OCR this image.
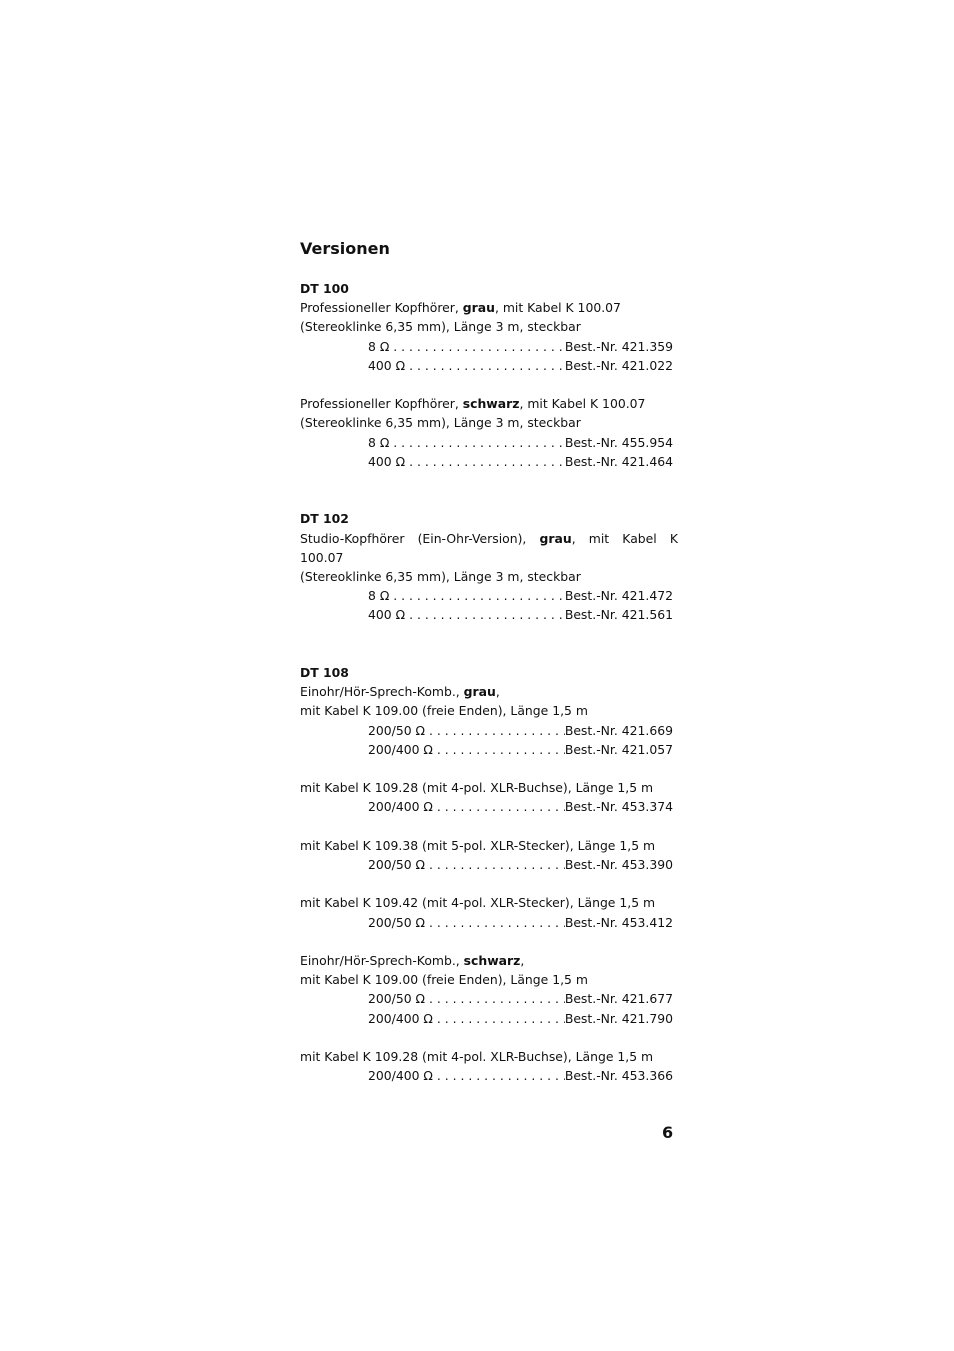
Versionen
DT 100
Professioneller Kopfhörer, grau, mit Kabel K 100.07
(Stereoklinke 6,35 mm), Länge 3 m, steckbar
8 Ω . . .	Best.-Nr. 421.359
400 Ω . . .	Best.-Nr. 421.022
Professioneller Kopfhörer, schwarz, mit Kabel K 100.07
(Stereoklinke 6,35 mm), Länge 3 m, steckbar
8 Ω . . .	Best.-Nr. 455.954
400 Ω . . .	Best.-Nr. 421.464
DT 102
Studio-Kopfhörer (Ein-Ohr-Version), grau, mit Kabel K 100.07
(Stereoklinke 6,35 mm), Länge 3 m, steckbar
8 Ω . . .	Best.-Nr. 421.472
400 Ω . . .	Best.-Nr. 421.561
DT 108
Einohr/Hör-Sprech-Komb., grau,
mit Kabel K 109.00 (freie Enden), Länge 1,5 m
200/50 Ω . . .	Best.-Nr. 421.669
200/400 Ω . . .	Best.-Nr. 421.057
mit Kabel K 109.28 (mit 4-pol. XLR-Buchse), Länge 1,5 m
200/400 Ω . . .	Best.-Nr. 453.374
mit Kabel K 109.38 (mit 5-pol. XLR-Stecker), Länge 1,5 m
200/50 Ω . . .	Best.-Nr. 453.390
mit Kabel K 109.42 (mit 4-pol. XLR-Stecker), Länge 1,5 m
200/50 Ω . . .	Best.-Nr. 453.412
Einohr/Hör-Sprech-Komb., schwarz,
mit Kabel K 109.00 (freie Enden), Länge 1,5 m
200/50 Ω . . .	Best.-Nr. 421.677
200/400 Ω . . .	Best.-Nr. 421.790
mit Kabel K 109.28 (mit 4-pol. XLR-Buchse), Länge 1,5 m
200/400 Ω . . .	Best.-Nr. 453.366
6
